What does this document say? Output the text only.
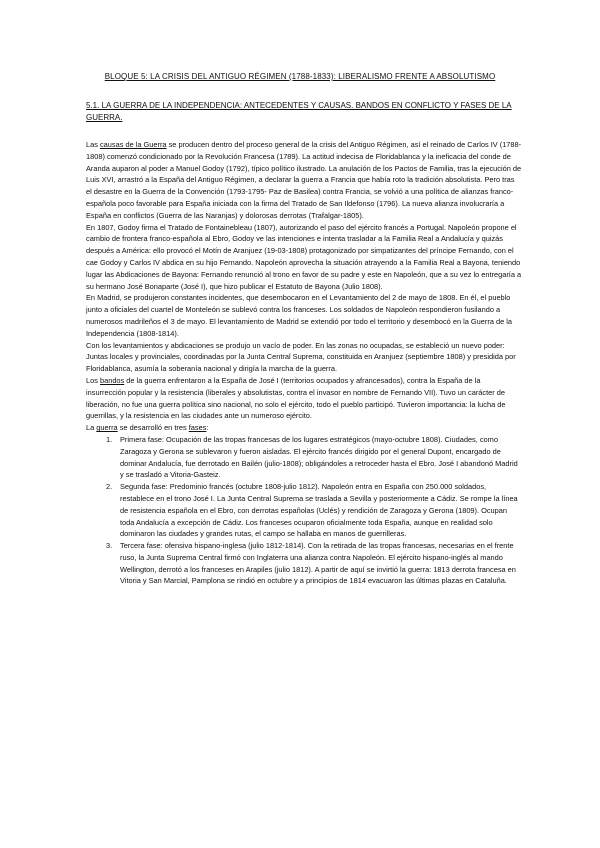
BLOQUE 5: LA CRISIS DEL ANTIGUO RÉGIMEN (1788-1833): LIBERALISMO FRENTE A ABSOLUTISMO
5.1. LA GUERRA DE LA INDEPENDENCIA: ANTECEDENTES Y CAUSAS. BANDOS EN CONFLICTO Y FASES DE LA GUERRA.

Las causas de la Guerra se producen dentro del proceso general de la crisis del Antiguo Régimen, así el reinado de Carlos IV (1788-1808) comenzó condicionado por la Revolución Francesa (1789). La actitud indecisa de Floridablanca y la ineficacia del conde de Aranda auparon al poder a Manuel Godoy (1792), típico político ilustrado. La anulación de los Pactos de Familia, tras la ejecución de Luis XVI, arrastró a la España del Antiguo Régimen, a declarar la guerra a Francia que había roto la tradición absolutista. Pero tras el desastre en la Guerra de la Convención (1793-1795- Paz de Basilea) contra Francia, se volvió a una política de alianzas franco-española poco favorable para España iniciada con la firma del Tratado de San Ildefonso (1796). La nueva alianza involucraría a España en conflictos (Guerra de las Naranjas) y dolorosas derrotas (Trafalgar-1805).

En 1807, Godoy firma el Tratado de Fontainebleau (1807), autorizando el paso del ejército francés a Portugal. Napoleón propone el cambio de frontera franco-española al Ebro, Godoy ve las intenciones e intenta trasladar a la Familia Real a Andalucía y quizás después a América: ello provocó el Motín de Aranjuez (19-03-1808) protagonizado por simpatizantes del príncipe Fernando, con el cae Godoy y Carlos IV abdica en su hijo Fernando. Napoleón aprovecha la situación atrayendo a la Familia Real a Bayona, teniendo lugar las Abdicaciones de Bayona: Fernando renunció al trono en favor de su padre y este en Napoleón, que a su vez lo entregaría a su hermano José Bonaparte (José I), que hizo publicar el Estatuto de Bayona (Julio 1808).

En Madrid, se produjeron constantes incidentes, que desembocaron en el Levantamiento del 2 de mayo de 1808. En él, el pueblo junto a oficiales del cuartel de Monteleón se sublevó contra los franceses. Los soldados de Napoleón respondieron fusilando a numerosos madrileños el 3 de mayo. El levantamiento de Madrid se extendió por todo el territorio y desembocó en la Guerra de la Independencia (1808-1814).

Con los levantamientos y abdicaciones se produjo un vacío de poder. En las zonas no ocupadas, se estableció un nuevo poder: Juntas locales y provinciales, coordinadas por la Junta Central Suprema, constituida en Aranjuez (septiembre 1808) y presidida por Floridablanca, asumía la soberanía nacional y dirigía la marcha de la guerra.

Los bandos de la guerra enfrentaron a la España de José I (territorios ocupados y afrancesados), contra la España de la insurrección popular y la resistencia (liberales y absolutistas, contra el invasor en nombre de Fernando VII). Tuvo un carácter de liberación, no fue una guerra política sino nacional, no solo el ejército, todo el pueblo participó. Tuvieron importancia: la lucha de guerrillas, y la resistencia en las ciudades ante un numeroso ejército.

La guerra se desarrolló en tres fases:

1. Primera fase: Ocupación de las tropas francesas de los lugares estratégicos (mayo-octubre 1808). Ciudades, como Zaragoza y Gerona se sublevaron y fueron aisladas. El ejército francés dirigido por el general Dupont, encargado de dominar Andalucía, fue derrotado en Bailén (julio-1808); obligándoles a retroceder hasta el Ebro. José I abandonó Madrid y se trasladó a Vitoria-Gasteiz.
2. Segunda fase: Predominio francés (octubre 1808-julio 1812). Napoleón entra en España con 250.000 soldados, restablece en el trono José I. La Junta Central Suprema se traslada a Sevilla y posteriormente a Cádiz. Se rompe la línea de resistencia española en el Ebro, con derrotas españolas (Uclés) y rendición de Zaragoza y Gerona (1809). Ocupan toda Andalucía a excepción de Cádiz. Los franceses ocuparon oficialmente toda España, aunque en realidad solo dominaron las ciudades y grandes rutas, el campo se hallaba en manos de guerrilleras.
3. Tercera fase: ofensiva hispano-inglesa (julio 1812-1814). Con la retirada de las tropas francesas, necesarias en el frente ruso, la Junta Suprema Central firmó con Inglaterra una alianza contra Napoleón. El ejército hispano-inglés al mando Wellington, derrotó a los franceses en Arapiles (julio 1812). A partir de aquí se invirtió la guerra: 1813 derrota francesa en Vitoria y San Marcial, Pamplona se rindió en octubre y a principios de 1814 evacuaron las últimas plazas en Cataluña.
